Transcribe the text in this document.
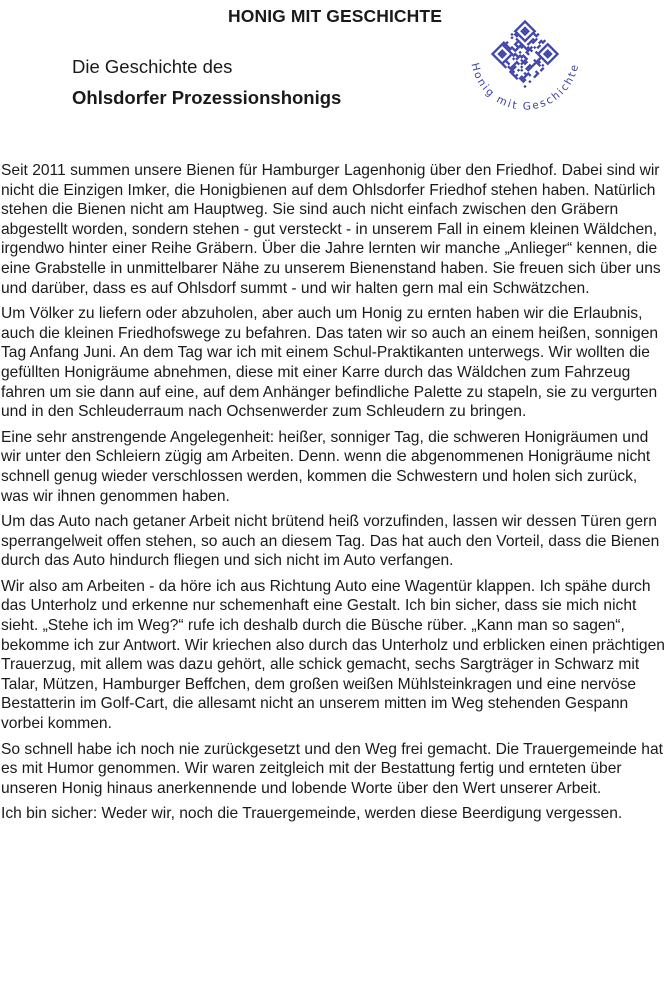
HONIG MIT GESCHICHTE
Die Geschichte des
Ohlsdorfer Prozessionshonigs
Honig mit Geschichte

Seit 2011 summen unsere Bienen für Hamburger Lagenhonig über den Friedhof. Dabei sind wir nicht die Einzigen Imker, die Honigbienen auf dem Ohlsdorfer Friedhof stehen haben. Natürlich stehen die Bienen nicht am Hauptweg. Sie sind auch nicht einfach zwischen den Gräbern abgestellt worden, sondern stehen - gut versteckt - in unserem Fall in einem kleinen Wäldchen, irgendwo hinter einer Reihe Gräbern. Über die Jahre lernten wir manche „Anlieger“ kennen, die eine Grabstelle in unmittelbarer Nähe zu unserem Bienenstand haben. Sie freuen sich über uns und darüber, dass es auf Ohlsdorf summt - und wir halten gern mal ein Schwätzchen.

Um Völker zu liefern oder abzuholen, aber auch um Honig zu ernten haben wir die Erlaubnis, auch die kleinen Friedhofswege zu befahren. Das taten wir so auch an einem heißen, sonnigen Tag Anfang Juni. An dem Tag war ich mit einem Schul-Praktikanten unterwegs. Wir wollten die gefüllten Honigräume abnehmen, diese mit einer Karre durch das Wäldchen zum Fahrzeug fahren um sie dann auf eine, auf dem Anhänger befindliche Palette zu stapeln, sie zu vergurten und in den Schleuderraum nach Ochsenwerder zum Schleudern zu bringen.

Eine sehr anstrengende Angelegenheit: heißer, sonniger Tag, die schweren Honigräumen und wir unter den Schleiern zügig am Arbeiten. Denn. wenn die abgenommenen Honigräume nicht schnell genug wieder verschlossen werden, kommen die Schwestern und holen sich zurück, was wir ihnen genommen haben.

Um das Auto nach getaner Arbeit nicht brütend heiß vorzufinden, lassen wir dessen Türen gern sperrangelweit offen stehen, so auch an diesem Tag. Das hat auch den Vorteil, dass die Bienen durch das Auto hindurch fliegen und sich nicht im Auto verfangen.

Wir also am Arbeiten - da höre ich aus Richtung Auto eine Wagentür klappen. Ich spähe durch das Unterholz und erkenne nur schemenhaft eine Gestalt. Ich bin sicher, dass sie mich nicht sieht. „Stehe ich im Weg?“ rufe ich deshalb durch die Büsche rüber. „Kann man so sagen“, bekomme ich zur Antwort. Wir kriechen also durch das Unterholz und erblicken einen prächtigen Trauerzug, mit allem was dazu gehört, alle schick gemacht, sechs Sargträger in Schwarz mit Talar, Mützen, Hamburger Beffchen, dem großen weißen Mühlsteinkragen und eine nervöse Bestatterin im Golf-Cart, die allesamt nicht an unserem mitten im Weg stehenden Gespann vorbei kommen.

So schnell habe ich noch nie zurückgesetzt und den Weg frei gemacht. Die Trauergemeinde hat es mit Humor genommen. Wir waren zeitgleich mit der Bestattung fertig und ernteten über unseren Honig hinaus anerkennende und lobende Worte über den Wert unserer Arbeit.

Ich bin sicher: Weder wir, noch die Trauergemeinde, werden diese Beerdigung vergessen.
